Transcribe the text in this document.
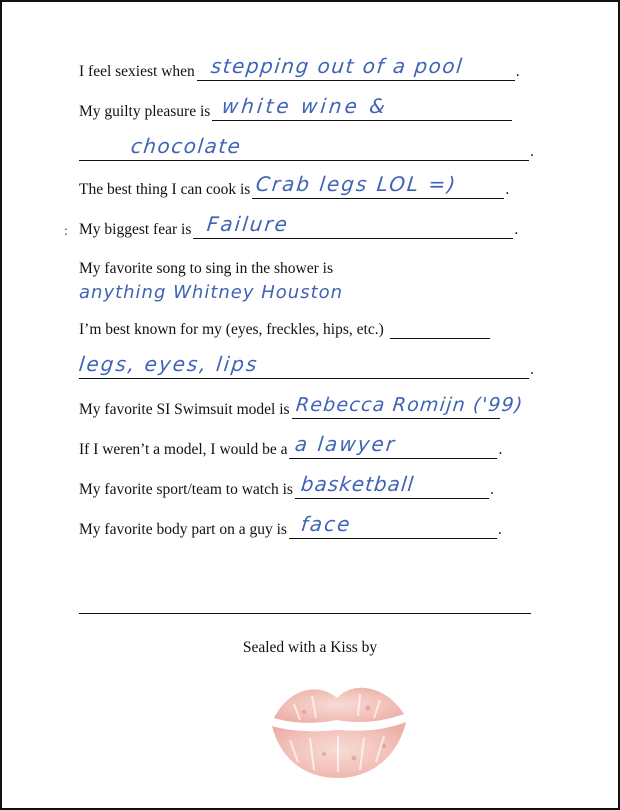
I feel sexiest when stepping out of a pool	.
My guilty pleasure is white wine &
chocolate	.
The best thing I can cook is Crab legs LOL =)	.
: My biggest fear is Failure	.
My favorite song to sing in the shower is
anything Whitney Houston
I’m best known for my (eyes, freckles, hips, etc.)
legs, eyes, lips	.
My favorite SI Swimsuit model is Rebecca Romijn ('99)
If I weren’t a model, I would be a a lawyer	.
My favorite sport/team to watch is basketball	.
My favorite body part on a guy is face	.
Sealed with a Kiss by
